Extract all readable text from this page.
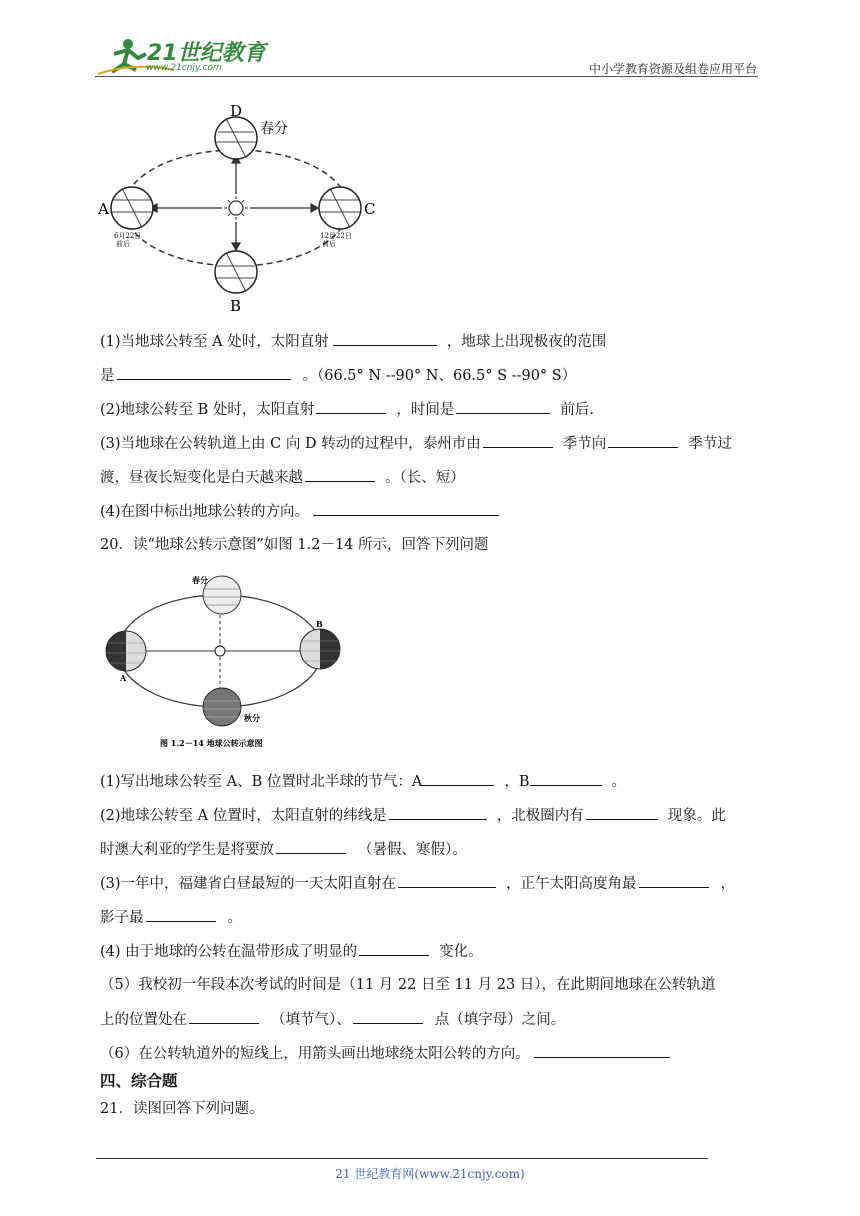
21世纪教育
www.21cnjy.com	中小学教育资源及组卷应用平台
D
春分
A	C
B
6月22日
前后
12月22日
前后
(1)当地球公转至 A 处时，太阳直射	，地球上出现极夜的范围
是	。（66.5° N --90° N、66.5° S --90° S）
(2)地球公转至 B 处时，太阳直射	，时间是	前后.
(3)当地球在公转轨道上由 C 向 D 转动的过程中，泰州市由	季节向	季节过
渡，昼夜长短变化是白天越来越	。（长、短）
(4)在图中标出地球公转的方向。
20．读“地球公转示意图”如图 1.2－14 所示，回答下列问题
春分
秋分
A
B
图 1.2－14 地球公转示意图
(1)写出地球公转至 A、B 位置时北半球的节气：A	，B	。
(2)地球公转至 A 位置时，太阳直射的纬线是	，北极圈内有	现象。此
时澳大利亚的学生是将要放	（暑假、寒假）。
(3)一年中，福建省白昼最短的一天太阳直射在	，正午太阳高度角最	，
影子最	。
(4) 由于地球的公转在温带形成了明显的	变化。
（5）我校初一年段本次考试的时间是（11 月 22 日至 11 月 23 日），在此期间地球在公转轨道
上的位置处在	（填节气）、	点（填字母）之间。
（6）在公转轨道外的短线上，用箭头画出地球绕太阳公转的方向。
四、综合题
21．读图回答下列问题。
21 世纪教育网(www.21cnjy.com)
